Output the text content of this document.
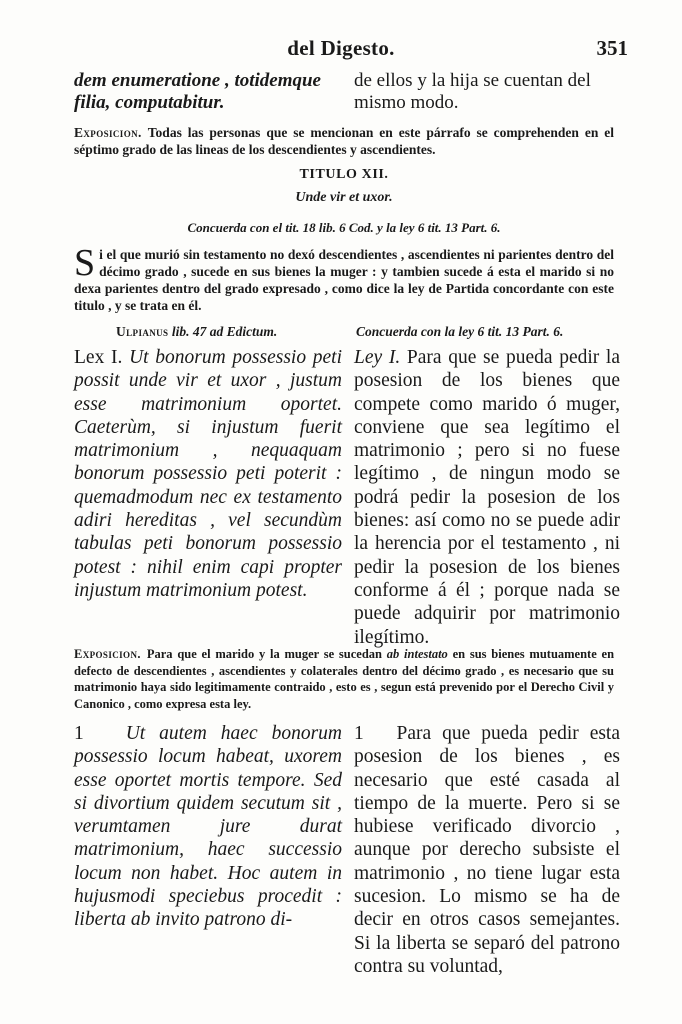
del Digesto.	351
dem enumeratione , totidemque filia, computabitur.
de ellos y la hija se cuentan del mismo modo.
Exposicion. Todas las personas que se mencionan en este párrafo se comprehenden en el séptimo grado de las lineas de los descendientes y ascendientes.
TITULO XII.
Unde vir et uxor.
Concuerda con el tit. 18 lib. 6 Cod. y la ley 6 tit. 13 Part. 6.
Si el que murió sin testamento no dexó descendientes , ascendientes ni parientes dentro del décimo grado , sucede en sus bienes la muger : y tambien sucede á esta el marido si no dexa parientes dentro del grado expresado , como dice la ley de Partida concordante con este titulo , y se trata en él.
Ulpianus lib. 47 ad Edictum.	Concuerda con la ley 6 tit. 13 Part. 6.
Lex I. Ut bonorum possessio peti possit unde vir et uxor , justum esse matrimonium oportet. Caeterùm, si injustum fuerit matrimonium , nequaquam bonorum possessio peti poterit : quemadmodum nec ex testamento adiri hereditas , vel secundùm tabulas peti bonorum possessio potest : nihil enim capi propter injustum matrimonium potest.
Ley I. Para que se pueda pedir la posesion de los bienes que compete como marido ó muger, conviene que sea legítimo el matrimonio ; pero si no fuese legítimo , de ningun modo se podrá pedir la posesion de los bienes: así como no se puede adir la herencia por el testamento , ni pedir la posesion de los bienes conforme á él ; porque nada se puede adquirir por matrimonio ilegítimo.
Exposicion. Para que el marido y la muger se sucedan ab intestato en sus bienes mutuamente en defecto de descendientes , ascendientes y colaterales dentro del décimo grado , es necesario que su matrimonio haya sido legitimamente contraido , esto es , segun está prevenido por el Derecho Civil y Canonico , como expresa esta ley.
1 Ut autem haec bonorum possessio locum habeat, uxorem esse oportet mortis tempore. Sed si divortium quidem secutum sit , verumtamen jure durat matrimonium, haec successio locum non habet. Hoc autem in hujusmodi speciebus procedit : liberta ab invito patrono di-
1 Para que pueda pedir esta posesion de los bienes , es necesario que esté casada al tiempo de la muerte. Pero si se hubiese verificado divorcio , aunque por derecho subsiste el matrimonio , no tiene lugar esta sucesion. Lo mismo se ha de decir en otros casos semejantes. Si la liberta se separó del patrono contra su voluntad,
